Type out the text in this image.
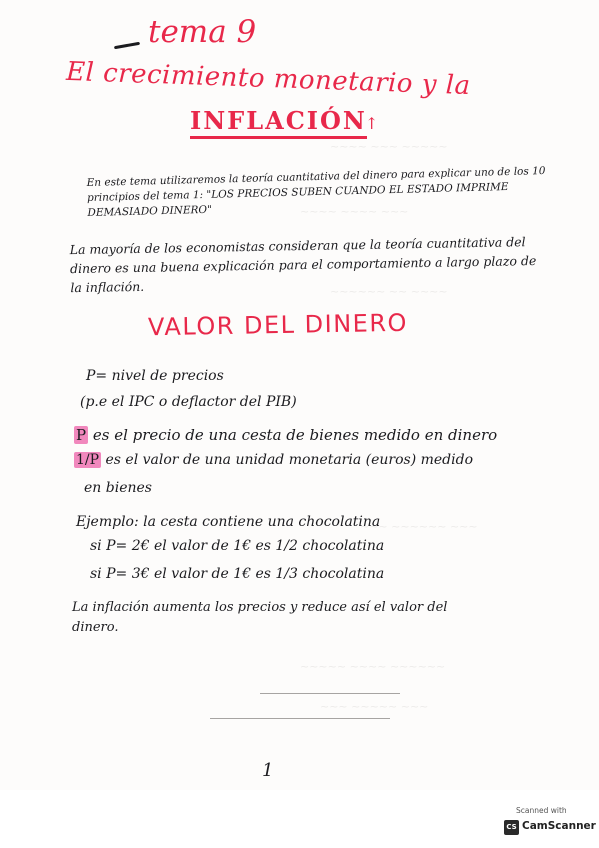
~~~~ ~~~ ~~~~~
~~~~ ~~~~ ~~~
~~~~~~ ~~ ~~~~
~~~ ~~~~~~ ~~~
~~~~~ ~~~~ ~~~~~~
~~~ ~~~~~ ~~~
tema 9
El crecimiento monetario y la
INFLACIÓN
↑
En este tema utilizaremos la teoría cuantitativa del dinero para explicar uno de los 10 principios del tema 1: "LOS PRECIOS SUBEN CUANDO EL ESTADO IMPRIME DEMASIADO DINERO"
La mayoría de los economistas consideran que la teoría cuantitativa del dinero es una buena explicación para el comportamiento a largo plazo de la inflación.
VALOR DEL DINERO
P= nivel de precios
(p.e el IPC o deflactor del PIB)
P es el precio de una cesta de bienes medido en dinero
1/P es el valor de una unidad monetaria (euros) medido
en bienes
Ejemplo: la cesta contiene una chocolatina
si P= 2€ el valor de 1€ es 1/2 chocolatina
si P= 3€ el valor de 1€ es 1/3 chocolatina
La inflación aumenta los precios y reduce así el valor del
dinero.
1
Scanned with
CS CamScanner
